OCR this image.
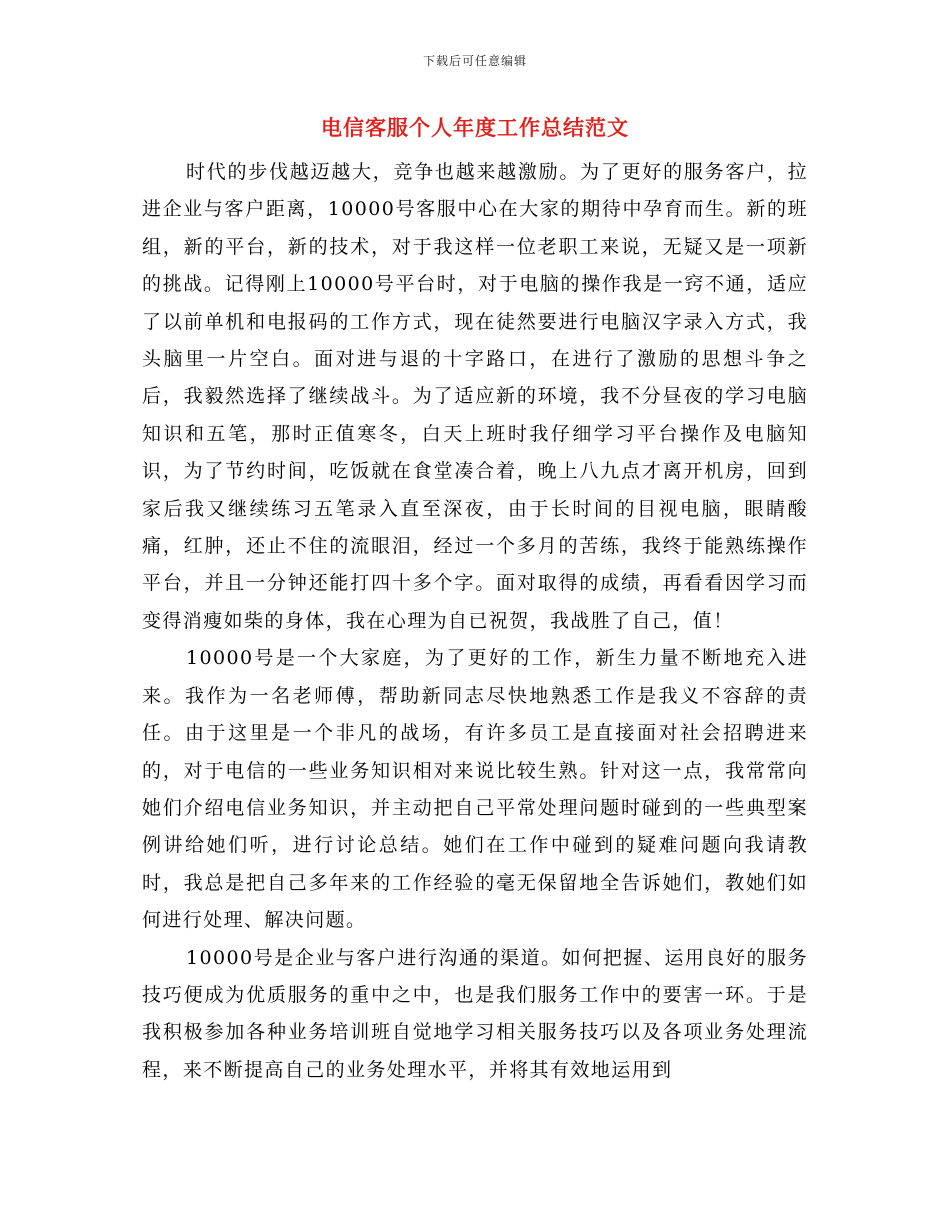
下载后可任意编辑
电信客服个人年度工作总结范文

时代的步伐越迈越大，竞争也越来越激励。为了更好的服务客户，拉进企业与客户距离，10000号客服中心在大家的期待中孕育而生。新的班组，新的平台，新的技术，对于我这样一位老职工来说，无疑又是一项新的挑战。记得刚上10000号平台时，对于电脑的操作我是一窍不通，适应了以前单机和电报码的工作方式，现在徒然要进行电脑汉字录入方式，我头脑里一片空白。面对进与退的十字路口，在进行了激励的思想斗争之后，我毅然选择了继续战斗。为了适应新的环境，我不分昼夜的学习电脑知识和五笔，那时正值寒冬，白天上班时我仔细学习平台操作及电脑知识，为了节约时间，吃饭就在食堂凑合着，晚上八九点才离开机房，回到家后我又继续练习五笔录入直至深夜，由于长时间的目视电脑，眼睛酸痛，红肿，还止不住的流眼泪，经过一个多月的苦练，我终于能熟练操作平台，并且一分钟还能打四十多个字。面对取得的成绩，再看看因学习而变得消瘦如柴的身体，我在心理为自已祝贺，我战胜了自己，值！

10000号是一个大家庭，为了更好的工作，新生力量不断地充入进来。我作为一名老师傅，帮助新同志尽快地熟悉工作是我义不容辞的责任。由于这里是一个非凡的战场，有许多员工是直接面对社会招聘进来的，对于电信的一些业务知识相对来说比较生熟。针对这一点，我常常向她们介绍电信业务知识，并主动把自己平常处理问题时碰到的一些典型案例讲给她们听，进行讨论总结。她们在工作中碰到的疑难问题向我请教时，我总是把自己多年来的工作经验的毫无保留地全告诉她们，教她们如何进行处理、解决问题。

10000号是企业与客户进行沟通的渠道。如何把握、运用良好的服务技巧便成为优质服务的重中之中，也是我们服务工作中的要害一环。于是我积极参加各种业务培训班自觉地学习相关服务技巧以及各项业务处理流程，来不断提高自己的业务处理水平，并将其有效地运用到
